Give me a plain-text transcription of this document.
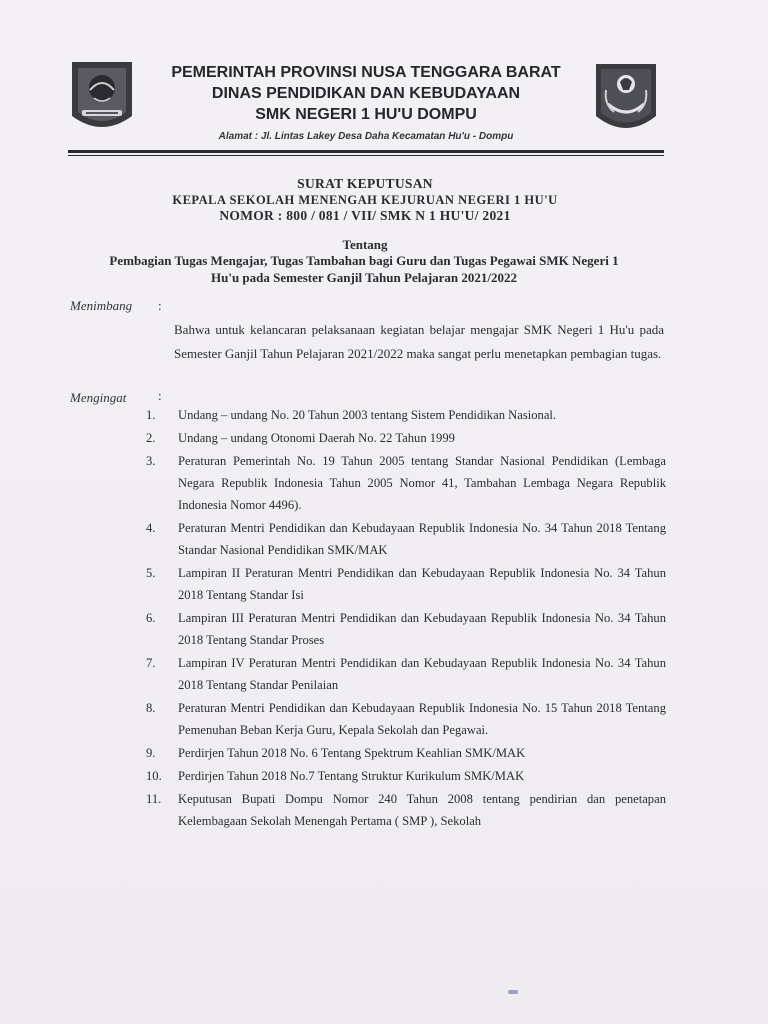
PEMERINTAH PROVINSI NUSA TENGGARA BARAT
DINAS PENDIDIKAN DAN KEBUDAYAAN
SMK NEGERI 1 HU'U DOMPU
Alamat : Jl. Lintas Lakey Desa Daha Kecamatan Hu'u - Dompu
SURAT KEPUTUSAN
KEPALA SEKOLAH MENENGAH KEJURUAN NEGERI 1 HU'U
NOMOR : 800 / 081 / VII/ SMK N 1 HU'U/ 2021
Tentang
Pembagian Tugas Mengajar, Tugas Tambahan bagi Guru dan Tugas Pegawai SMK Negeri 1
Hu'u pada Semester Ganjil Tahun Pelajaran 2021/2022
Menimbang :
Bahwa untuk kelancaran pelaksanaan kegiatan belajar mengajar SMK Negeri 1 Hu'u pada Semester Ganjil Tahun Pelajaran 2021/2022 maka sangat perlu menetapkan pembagian tugas.
Mengingat :
1.	Undang – undang No. 20 Tahun 2003 tentang Sistem Pendidikan Nasional.
2.	Undang – undang Otonomi Daerah No. 22 Tahun 1999
3.	Peraturan Pemerintah No. 19 Tahun 2005 tentang Standar Nasional Pendidikan (Lembaga Negara Republik Indonesia Tahun 2005 Nomor 41, Tambahan Lembaga Negara Republik Indonesia Nomor 4496).
4.	Peraturan Mentri Pendidikan dan Kebudayaan Republik Indonesia No. 34 Tahun 2018 Tentang Standar Nasional Pendidikan SMK/MAK
5.	Lampiran II Peraturan Mentri Pendidikan dan Kebudayaan Republik Indonesia No. 34 Tahun 2018 Tentang Standar Isi
6.	Lampiran III Peraturan Mentri Pendidikan dan Kebudayaan Republik Indonesia No. 34 Tahun 2018 Tentang Standar Proses
7.	Lampiran IV Peraturan Mentri Pendidikan dan Kebudayaan Republik Indonesia No. 34 Tahun 2018 Tentang Standar Penilaian
8.	Peraturan Mentri Pendidikan dan Kebudayaan Republik Indonesia No. 15 Tahun 2018 Tentang Pemenuhan Beban Kerja Guru, Kepala Sekolah dan Pegawai.
9.	Perdirjen Tahun 2018 No. 6 Tentang Spektrum Keahlian SMK/MAK
10.	Perdirjen Tahun 2018 No.7 Tentang Struktur Kurikulum SMK/MAK
11.	Keputusan Bupati Dompu Nomor 240 Tahun 2008 tentang pendirian dan penetapan Kelembagaan Sekolah Menengah Pertama ( SMP ), Sekolah
